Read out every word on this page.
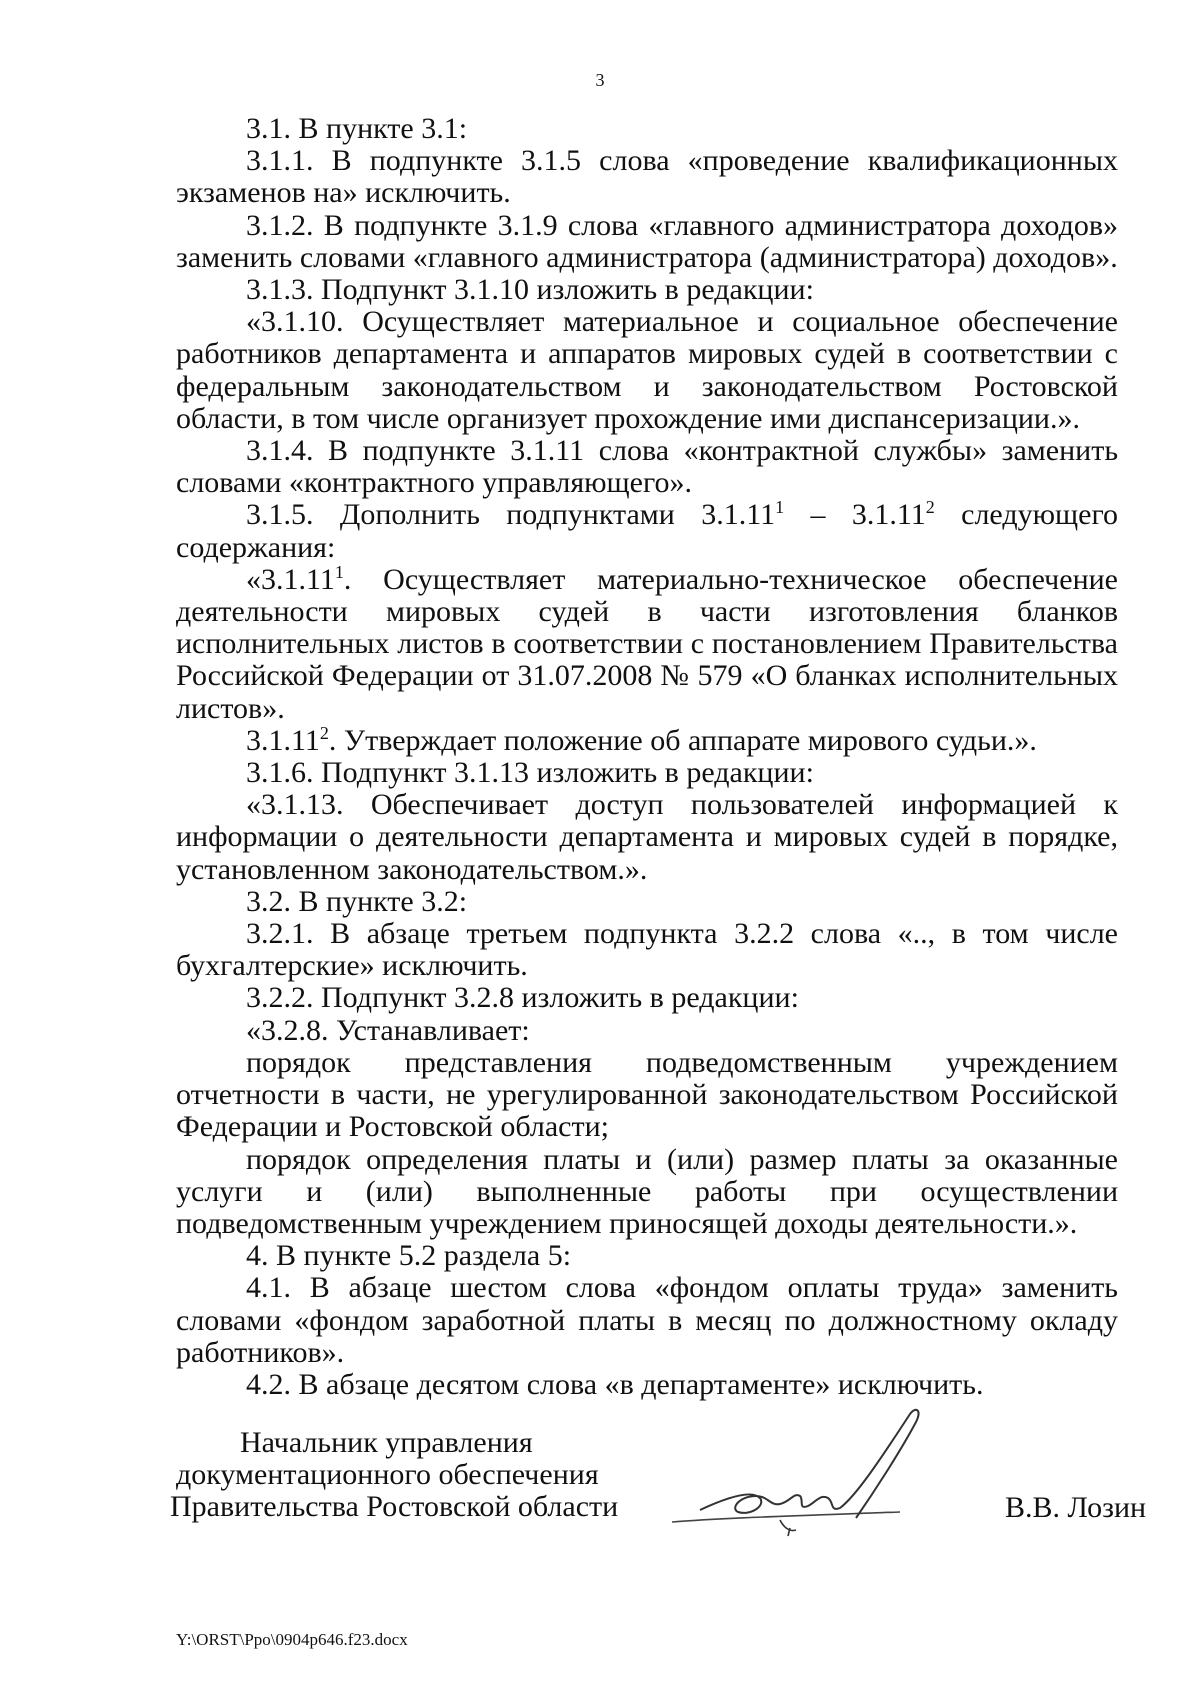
3

3.1. В пункте 3.1:

3.1.1. В подпункте 3.1.5 слова «проведение квалификационных экзаменов на» исключить.

3.1.2. В подпункте 3.1.9 слова «главного администратора доходов» заменить словами «главного администратора (администратора) доходов».

3.1.3. Подпункт 3.1.10 изложить в редакции:

«3.1.10. Осуществляет материальное и социальное обеспечение работников департамента и аппаратов мировых судей в соответствии с федеральным законодательством и законодательством Ростовской области, в том числе организует прохождение ими диспансеризации.».

3.1.4. В подпункте 3.1.11 слова «контрактной службы» заменить словами «контрактного управляющего».

3.1.5. Дополнить подпунктами 3.1.11$^1$ – 3.1.11$^2$ следующего содержания:

«3.1.11$^1$. Осуществляет материально-техническое обеспечение деятельности мировых судей в части изготовления бланков исполнительных листов в соответствии с постановлением Правительства Российской Федерации от 31.07.2008 № 579 «О бланках исполнительных листов».

3.1.11$^2$. Утверждает положение об аппарате мирового судьи.».

3.1.6. Подпункт 3.1.13 изложить в редакции:

«3.1.13. Обеспечивает доступ пользователей информацией к информации о деятельности департамента и мировых судей в порядке, установленном законодательством.».

3.2. В пункте 3.2:

3.2.1. В абзаце третьем подпункта 3.2.2 слова «.., в том числе бухгалтерские» исключить.

3.2.2. Подпункт 3.2.8 изложить в редакции:

«3.2.8. Устанавливает:

порядок представления подведомственным учреждением отчетности в части, не урегулированной законодательством Российской Федерации и Ростовской области;

порядок определения платы и (или) размер платы за оказанные услуги и (или) выполненные работы при осуществлении подведомственным учреждением приносящей доходы деятельности.».

4. В пункте 5.2 раздела 5:

4.1. В абзаце шестом слова «фондом оплаты труда» заменить словами «фондом заработной платы в месяц по должностному окладу работников».

4.2. В абзаце десятом слова «в департаменте» исключить.

Начальник управления
документационного обеспечения
Правительства Ростовской области	В.В. Лозин
Y:\ORST\Ppo\0904p646.f23.docx
